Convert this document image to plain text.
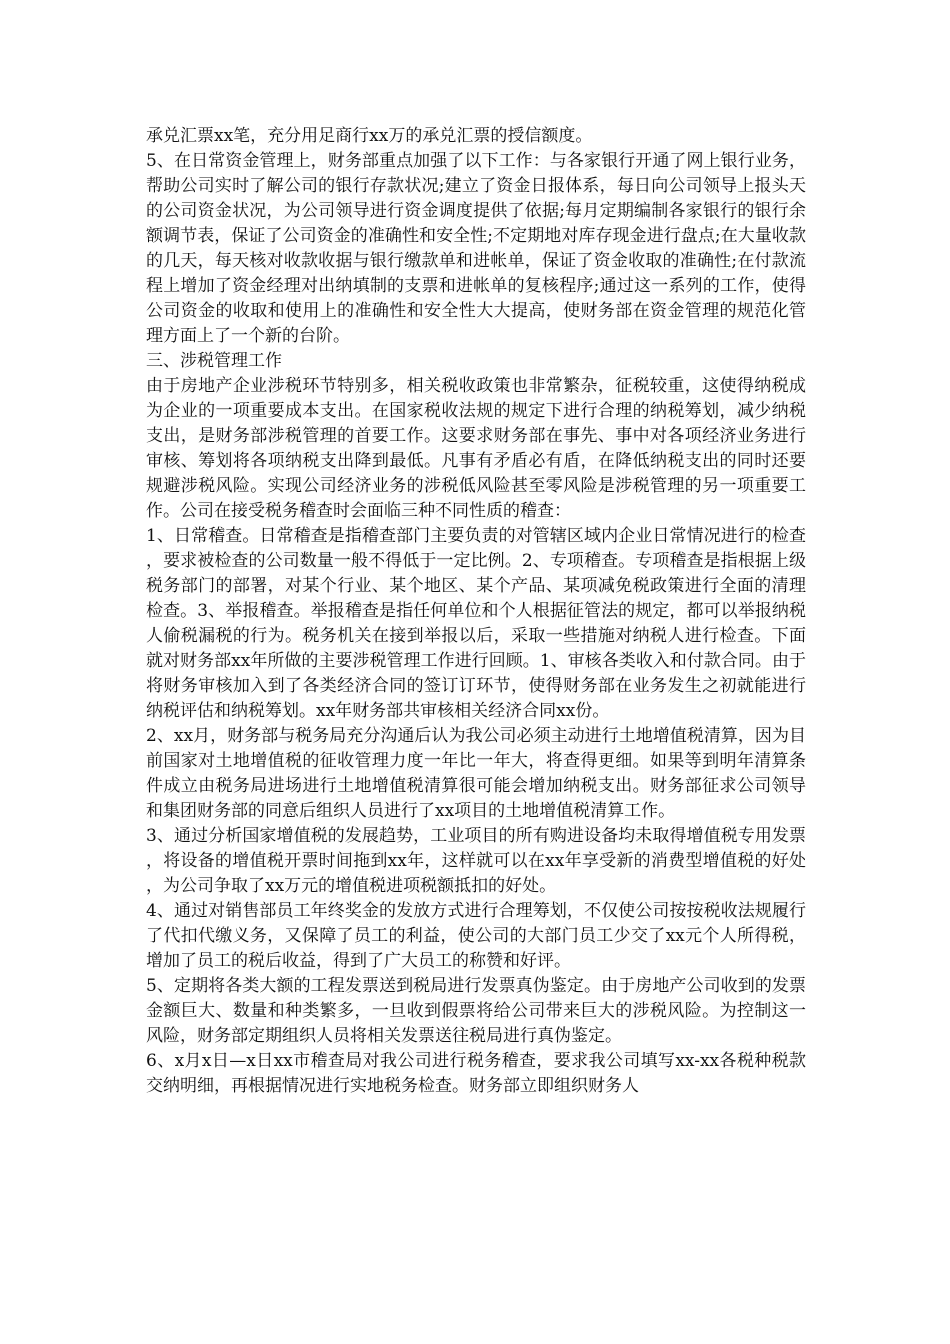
承兑汇票xx笔，充分用足商行xx万的承兑汇票的授信额度。

5、在日常资金管理上，财务部重点加强了以下工作：与各家银行开通了网上银行业务，帮助公司实时了解公司的银行存款状况;建立了资金日报体系，每日向公司领导上报头天的公司资金状况，为公司领导进行资金调度提供了依据;每月定期编制各家银行的银行余额调节表，保证了公司资金的准确性和安全性;不定期地对库存现金进行盘点;在大量收款的几天，每天核对收款收据与银行缴款单和进帐单，保证了资金收取的准确性;在付款流程上增加了资金经理对出纳填制的支票和进帐单的复核程序;通过这一系列的工作，使得公司资金的收取和使用上的准确性和安全性大大提高，使财务部在资金管理的规范化管理方面上了一个新的台阶。

三、涉税管理工作

由于房地产企业涉税环节特别多，相关税收政策也非常繁杂，征税较重，这使得纳税成为企业的一项重要成本支出。在国家税收法规的规定下进行合理的纳税筹划，减少纳税支出，是财务部涉税管理的首要工作。这要求财务部在事先、事中对各项经济业务进行审核、筹划将各项纳税支出降到最低。凡事有矛盾必有盾，在降低纳税支出的同时还要规避涉税风险。实现公司经济业务的涉税低风险甚至零风险是涉税管理的另一项重要工作。公司在接受税务稽查时会面临三种不同性质的稽查：

1、日常稽查。日常稽查是指稽查部门主要负责的对管辖区域内企业日常情况进行的检查，要求被检查的公司数量一般不得低于一定比例。2、专项稽查。专项稽查是指根据上级税务部门的部署，对某个行业、某个地区、某个产品、某项减免税政策进行全面的清理检查。3、举报稽查。举报稽查是指任何单位和个人根据征管法的规定，都可以举报纳税人偷税漏税的行为。税务机关在接到举报以后，采取一些措施对纳税人进行检查。下面就对财务部xx年所做的主要涉税管理工作进行回顾。1、审核各类收入和付款合同。由于将财务审核加入到了各类经济合同的签订订环节，使得财务部在业务发生之初就能进行纳税评估和纳税筹划。xx年财务部共审核相关经济合同xx份。

2、xx月，财务部与税务局充分沟通后认为我公司必须主动进行土地增值税清算，因为目前国家对土地增值税的征收管理力度一年比一年大，将查得更细。如果等到明年清算条件成立由税务局进场进行土地增值税清算很可能会增加纳税支出。财务部征求公司领导和集团财务部的同意后组织人员进行了xx项目的土地增值税清算工作。

3、通过分析国家增值税的发展趋势，工业项目的所有购进设备均未取得增值税专用发票，将设备的增值税开票时间拖到xx年，这样就可以在xx年享受新的消费型增值税的好处，为公司争取了xx万元的增值税进项税额抵扣的好处。

4、通过对销售部员工年终奖金的发放方式进行合理筹划，不仅使公司按按税收法规履行了代扣代缴义务，又保障了员工的利益，使公司的大部门员工少交了xx元个人所得税，增加了员工的税后收益，得到了广大员工的称赞和好评。

5、定期将各类大额的工程发票送到税局进行发票真伪鉴定。由于房地产公司收到的发票金额巨大、数量和种类繁多，一旦收到假票将给公司带来巨大的涉税风险。为控制这一风险，财务部定期组织人员将相关发票送往税局进行真伪鉴定。

6、x月x日—x日xx市稽查局对我公司进行税务稽查，要求我公司填写xx-xx各税种税款交纳明细，再根据情况进行实地税务检查。财务部立即组织财务人
